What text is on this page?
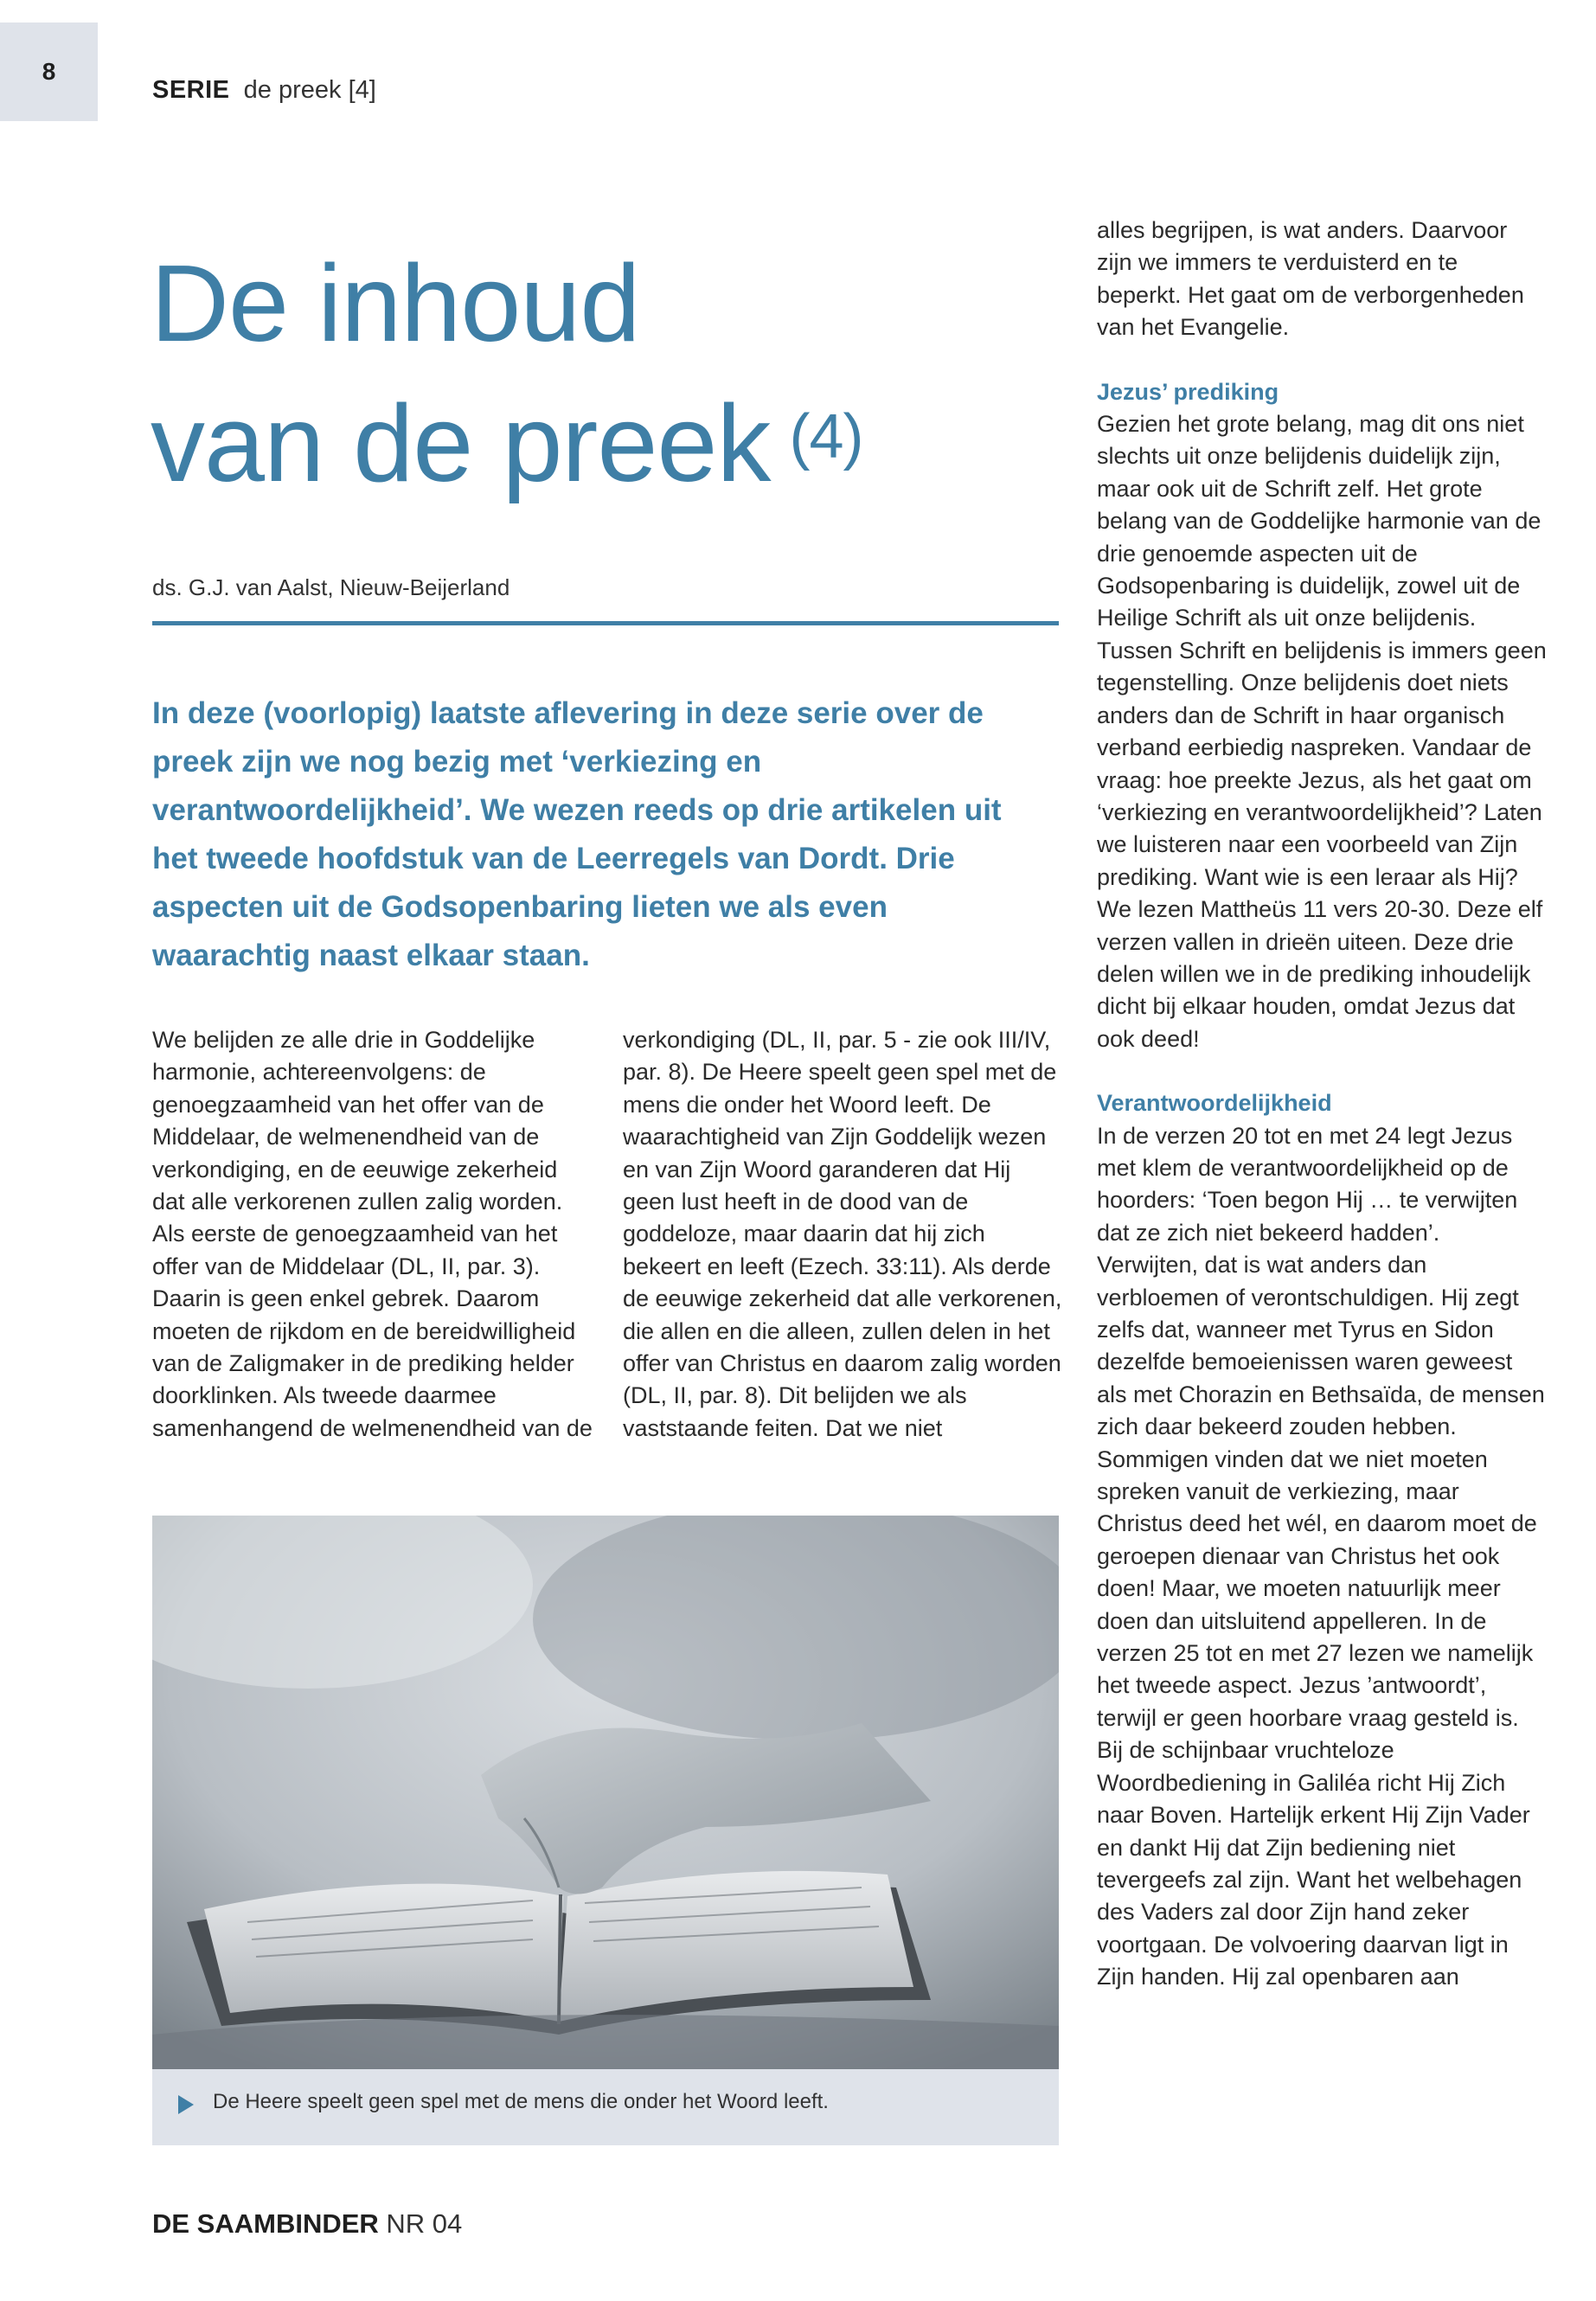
8
SERIE de preek [4]
De inhoud
van de preek $^{(4)}$
ds. G.J. van Aalst, Nieuw-Beijerland

In deze (voorlopig) laatste aflevering in deze serie over de preek zijn we nog bezig met ‘verkiezing en verantwoordelijkheid’. We wezen reeds op drie artikelen uit het tweede hoofdstuk van de Leerregels van Dordt. Drie aspecten uit de Godsopenbaring lieten we als even waarachtig naast elkaar staan.

We belijden ze alle drie in Goddelijke harmonie, achtereenvolgens: de genoegzaamheid van het offer van de Middelaar, de welmenendheid van de verkondiging, en de eeuwige zekerheid dat alle verkorenen zullen zalig worden. Als eerste de genoegzaamheid van het offer van de Middelaar (DL, II, par. 3). Daarin is geen enkel gebrek. Daarom moeten de rijkdom en de bereidwilligheid van de Zaligmaker in de prediking helder doorklinken. Als tweede daarmee samenhangend de welmenendheid van de

verkondiging (DL, II, par. 5 - zie ook III/IV, par. 8). De Heere speelt geen spel met de mens die onder het Woord leeft. De waarachtigheid van Zijn Goddelijk wezen en van Zijn Woord garanderen dat Hij geen lust heeft in de dood van de goddeloze, maar daarin dat hij zich bekeert en leeft (Ezech. 33:11). Als derde de eeuwige zekerheid dat alle verkorenen, die allen en die alleen, zullen delen in het offer van Christus en daarom zalig worden (DL, II, par. 8). Dit belijden we als vaststaande feiten. Dat we niet

alles begrijpen, is wat anders. Daarvoor zijn we immers te verduisterd en te beperkt. Het gaat om de verborgenheden van het Evangelie.

Jezus’ prediking

Gezien het grote belang, mag dit ons niet slechts uit onze belijdenis duidelijk zijn, maar ook uit de Schrift zelf. Het grote belang van de Goddelijke harmonie van de drie genoemde aspecten uit de Godsopenbaring is duidelijk, zowel uit de Heilige Schrift als uit onze belijdenis. Tussen Schrift en belijdenis is immers geen tegenstelling. Onze belijdenis doet niets anders dan de Schrift in haar organisch verband eerbiedig naspreken. Vandaar de vraag: hoe preekte Jezus, als het gaat om ‘verkiezing en verantwoordelijkheid’? Laten we luisteren naar een voorbeeld van Zijn prediking. Want wie is een leraar als Hij? We lezen Mattheüs 11 vers 20-30. Deze elf verzen vallen in drieën uiteen. Deze drie delen willen we in de prediking inhoudelijk dicht bij elkaar houden, omdat Jezus dat ook deed!

Verantwoordelijkheid

In de verzen 20 tot en met 24 legt Jezus met klem de verantwoordelijkheid op de hoorders: ‘Toen begon Hij … te verwijten dat ze zich niet bekeerd hadden’. Verwijten, dat is wat anders dan verbloemen of verontschuldigen. Hij zegt zelfs dat, wanneer met Tyrus en Sidon dezelfde bemoeienissen waren geweest als met Chorazin en Bethsaïda, de mensen zich daar bekeerd zouden hebben. Sommigen vinden dat we niet moeten spreken vanuit de verkiezing, maar Christus deed het wél, en daarom moet de geroepen dienaar van Christus het ook doen! Maar, we moeten natuurlijk meer doen dan uitsluitend appelleren. In de verzen 25 tot en met 27 lezen we namelijk het tweede aspect. Jezus ’antwoordt’, terwijl er geen hoorbare vraag gesteld is. Bij de schijnbaar vruchteloze Woordbediening in Galiléa richt Hij Zich naar Boven. Hartelijk erkent Hij Zijn Vader en dankt Hij dat Zijn bediening niet tevergeefs zal zijn. Want het welbehagen des Vaders zal door Zijn hand zeker voortgaan. De volvoering daarvan ligt in Zijn handen. Hij zal openbaren aan

De Heere speelt geen spel met de mens die onder het Woord leeft.
DE SAAMBINDER NR 04
